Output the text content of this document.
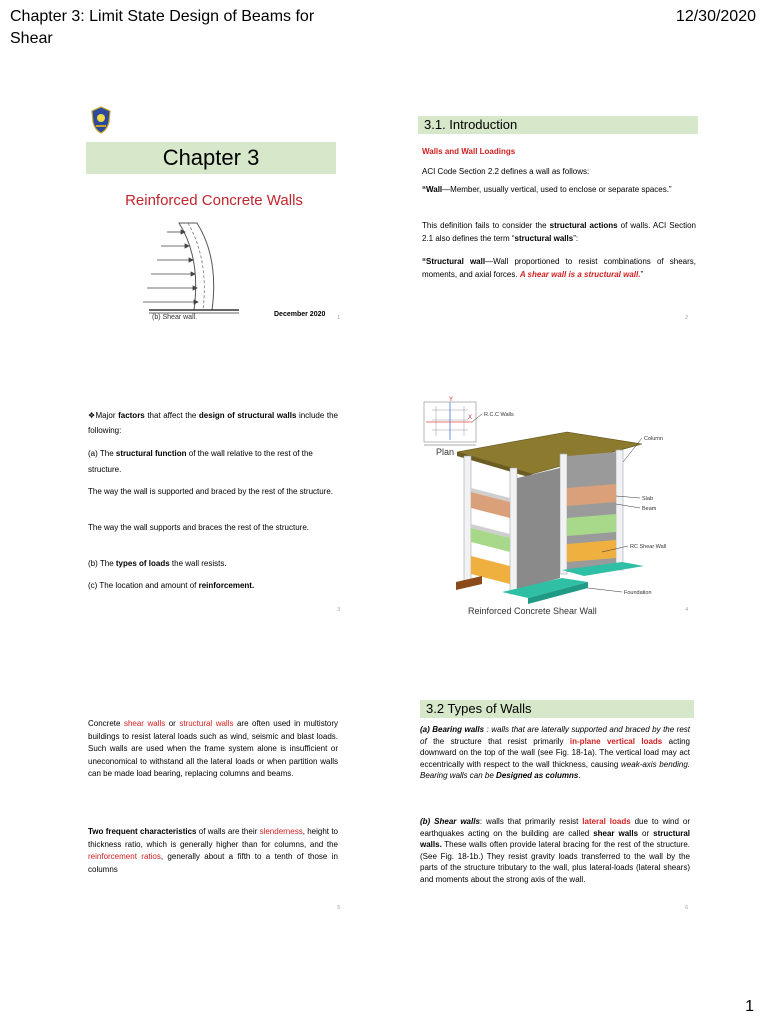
Chapter 3: Limit State Design of Beams for Shear
12/30/2020
Chapter 3
Reinforced Concrete Walls
(b) Shear wall.	December 2020 1
3.1. Introduction
Walls and Wall Loadings
ACI Code Section 2.2 defines a wall as follows:
“Wall—Member, usually vertical, used to enclose or separate spaces.”
This definition fails to consider the structural actions of walls. ACI Section 2.1 also defines the term “structural walls”:
“Structural wall—Wall proportioned to resist combinations of shears, moments, and axial forces. A shear wall is a structural wall.”
2
❖Major factors that affect the design of structural walls include the following:
(a) The structural function of the wall relative to the rest of the structure.
The way the wall is supported and braced by the rest of the structure.
The way the wall supports and braces the rest of the structure.
(b) The types of loads the wall resists.
(c) The location and amount of reinforcement.
3
Y
X R.C.C Walls
Plan
Column
Slab
Beam
RC Shear Wall
Foundation
Reinforced Concrete Shear Wall	4
Concrete shear walls or structural walls are often used in multistory buildings to resist lateral loads such as wind, seismic and blast loads. Such walls are used when the frame system alone is insufficient or uneconomical to withstand all the lateral loads or when partition walls can be made load bearing, replacing columns and beams.
Two frequent characteristics of walls are their slenderness, height to thickness ratio, which is generally higher than for columns, and the reinforcement ratios, generally about a fifth to a tenth of those in columns
5
3.2 Types of Walls
(a) Bearing walls : walls that are laterally supported and braced by the rest of the structure that resist primarily in-plane vertical loads acting downward on the top of the wall (see Fig. 18-1a). The vertical load may act eccentrically with respect to the wall thickness, causing weak-axis bending. Bearing walls can be Designed as columns.
(b) Shear walls: walls that primarily resist lateral loads due to wind or earthquakes acting on the building are called shear walls or structural walls. These walls often provide lateral bracing for the rest of the structure. (See Fig. 18-1b.) They resist gravity loads transferred to the wall by the parts of the structure tributary to the wall, plus lateral-loads (lateral shears) and moments about the strong axis of the wall.
6
1
